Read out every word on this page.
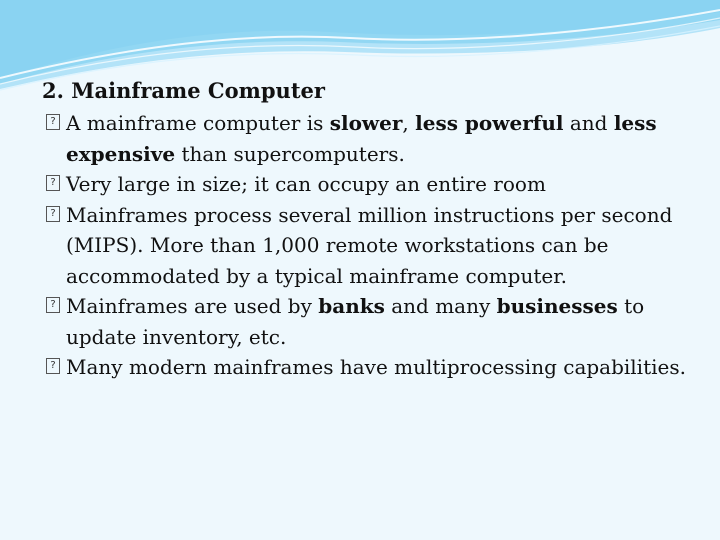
2. Mainframe Computer
? A mainframe computer is slower, less powerful and less expensive than supercomputers.
? Very large in size; it can occupy an entire room
? Mainframes process several million instructions per second (MIPS). More than 1,000 remote workstations can be accommodated by a typical mainframe computer.
? Mainframes are used by banks and many businesses to update inventory, etc.
? Many modern mainframes have multiprocessing capabilities.
